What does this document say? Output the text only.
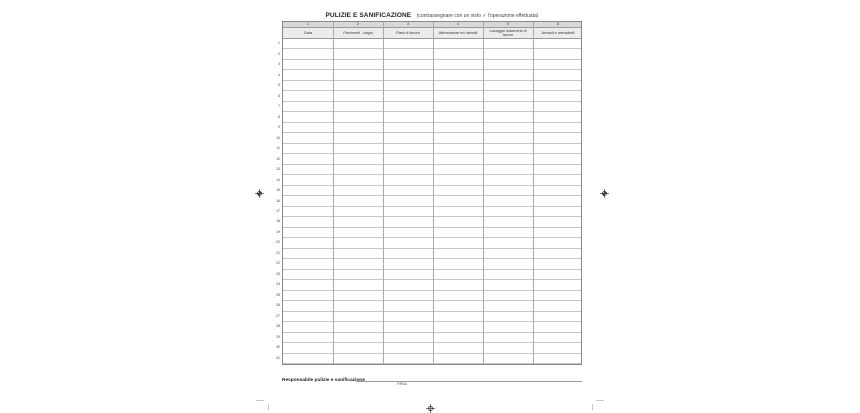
PULIZIE E SANIFICAZIONE (contrassegnare con un visto ✓ l'operazione effettuata)
1	2	3	4	5	6
Data	Pavimenti - bagni	Piani di lavoro	Attrezzature ed utensili	Lavaggio indumenti di lavoro	Armadi e armadietti
1
2
3
4
5
6
7
8
9
10
11
12
13
14
15
16
17
18
19
20
21
22
23
24
25
26
27
28
29
30
31
Responsabile pulizie e sanificazione
FIRMA
